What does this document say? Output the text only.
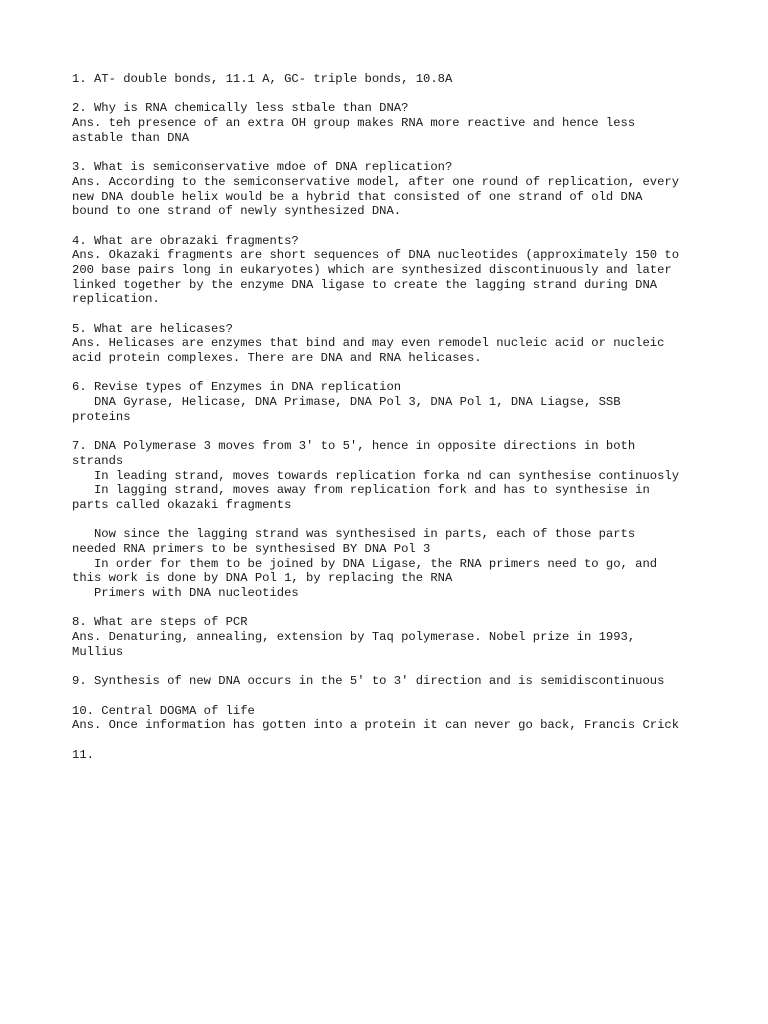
1. AT- double bonds, 11.1 A, GC- triple bonds, 10.8A
2. Why is RNA chemically less stbale than DNA?
Ans. teh presence of an extra OH group makes RNA more reactive and hence less
astable than DNA
3. What is semiconservative mdoe of DNA replication?
Ans. According to the semiconservative model, after one round of replication, every
new DNA double helix would be a hybrid that consisted of one strand of old DNA
bound to one strand of newly synthesized DNA.
4. What are obrazaki fragments?
Ans. Okazaki fragments are short sequences of DNA nucleotides (approximately 150 to
200 base pairs long in eukaryotes) which are synthesized discontinuously and later
linked together by the enzyme DNA ligase to create the lagging strand during DNA
replication.
5. What are helicases?
Ans. Helicases are enzymes that bind and may even remodel nucleic acid or nucleic
acid protein complexes. There are DNA and RNA helicases.
6. Revise types of Enzymes in DNA replication
DNA Gyrase, Helicase, DNA Primase, DNA Pol 3, DNA Pol 1, DNA Liagse, SSB
proteins
7. DNA Polymerase 3 moves from 3' to 5', hence in opposite directions in both
strands
In leading strand, moves towards replication forka nd can synthesise continuosly
In lagging strand, moves away from replication fork and has to synthesise in
parts called okazaki fragments
Now since the lagging strand was synthesised in parts, each of those parts
needed RNA primers to be synthesised BY DNA Pol 3
In order for them to be joined by DNA Ligase, the RNA primers need to go, and
this work is done by DNA Pol 1, by replacing the RNA
Primers with DNA nucleotides
8. What are steps of PCR
Ans. Denaturing, annealing, extension by Taq polymerase. Nobel prize in 1993,
Mullius
9. Synthesis of new DNA occurs in the 5' to 3' direction and is semidiscontinuous
10. Central DOGMA of life
Ans. Once information has gotten into a protein it can never go back, Francis Crick
11.
